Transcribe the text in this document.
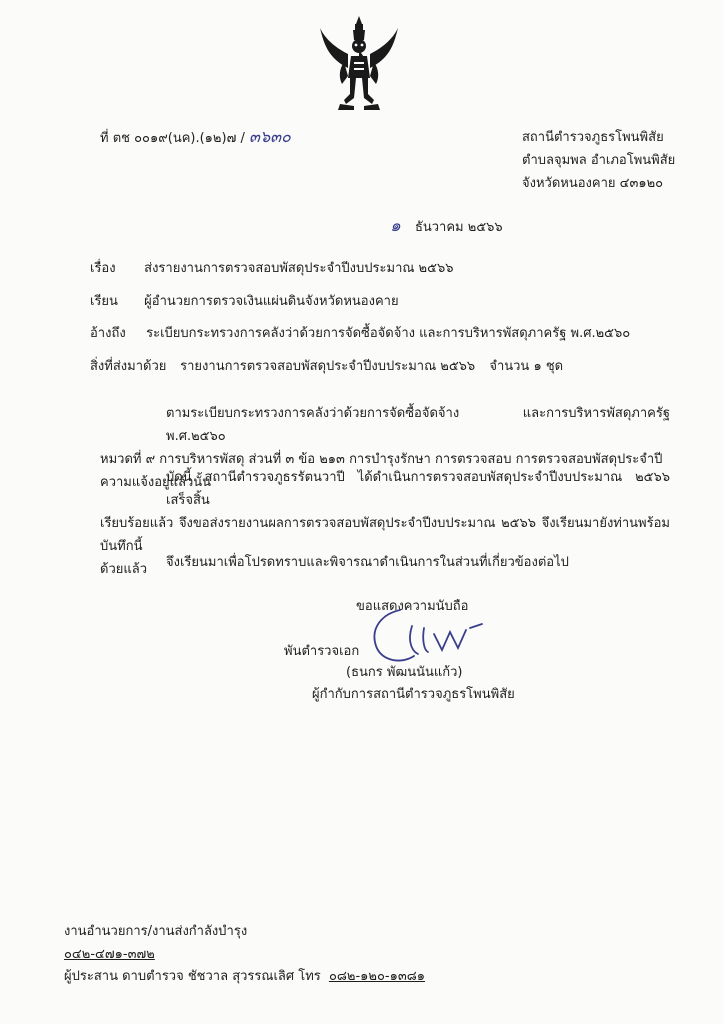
ที่ ตช ๐๐๑๙(นค).(๑๒)๗ / ๓๖๓๐	สถานีตำรวจภูธรโพนพิสัย
ตำบลจุมพล อำเภอโพนพิสัย
จังหวัดหนองคาย ๔๓๑๒๐
๑ ธันวาคม ๒๕๖๖
เรื่อง ส่งรายงานการตรวจสอบพัสดุประจำปีงบประมาณ ๒๕๖๖
เรียน ผู้อำนวยการตรวจเงินแผ่นดินจังหวัดหนองคาย
อ้างถึง ระเบียบกระทรวงการคลังว่าด้วยการจัดซื้อจัดจ้าง และการบริหารพัสดุภาครัฐ พ.ศ.๒๕๖๐
สิ่งที่ส่งมาด้วย รายงานการตรวจสอบพัสดุประจำปีงบประมาณ ๒๕๖๖ จำนวน ๑ ชุด
ตามระเบียบกระทรวงการคลังว่าด้วยการจัดซื้อจัดจ้าง และการบริหารพัสดุภาครัฐ พ.ศ.๒๕๖๐
หมวดที่ ๙ การบริหารพัสดุ ส่วนที่ ๓ ข้อ ๒๑๓ การบำรุงรักษา การตรวจสอบ การตรวจสอบพัสดุประจำปี
ความแจ้งอยู่แล้วนั้น
บัดนี้ สถานีตำรวจภูธรรัตนวาปี ได้ดำเนินการตรวจสอบพัสดุประจำปีงบประมาณ ๒๕๖๖ เสร็จสิ้น
เรียบร้อยแล้ว จึงขอส่งรายงานผลการตรวจสอบพัสดุประจำปีงบประมาณ ๒๕๖๖ จึงเรียนมายังท่านพร้อมบันทึกนี้
ด้วยแล้ว	จึงเรียนมาเพื่อโปรดทราบและพิจารณาดำเนินการในส่วนที่เกี่ยวข้องต่อไป
ขอแสดงความนับถือ
พันตำรวจเอก
(ธนกร พัฒนนันแก้ว)
ผู้กำกับการสถานีตำรวจภูธรโพนพิสัย
งานอำนวยการ/งานส่งกำลังบำรุง
๐๔๒-๔๗๑-๓๗๒
ผู้ประสาน ดาบตำรวจ ชัชวาล สุวรรณเลิศ โทร ๐๘๒-๑๒๐-๑๓๘๑
